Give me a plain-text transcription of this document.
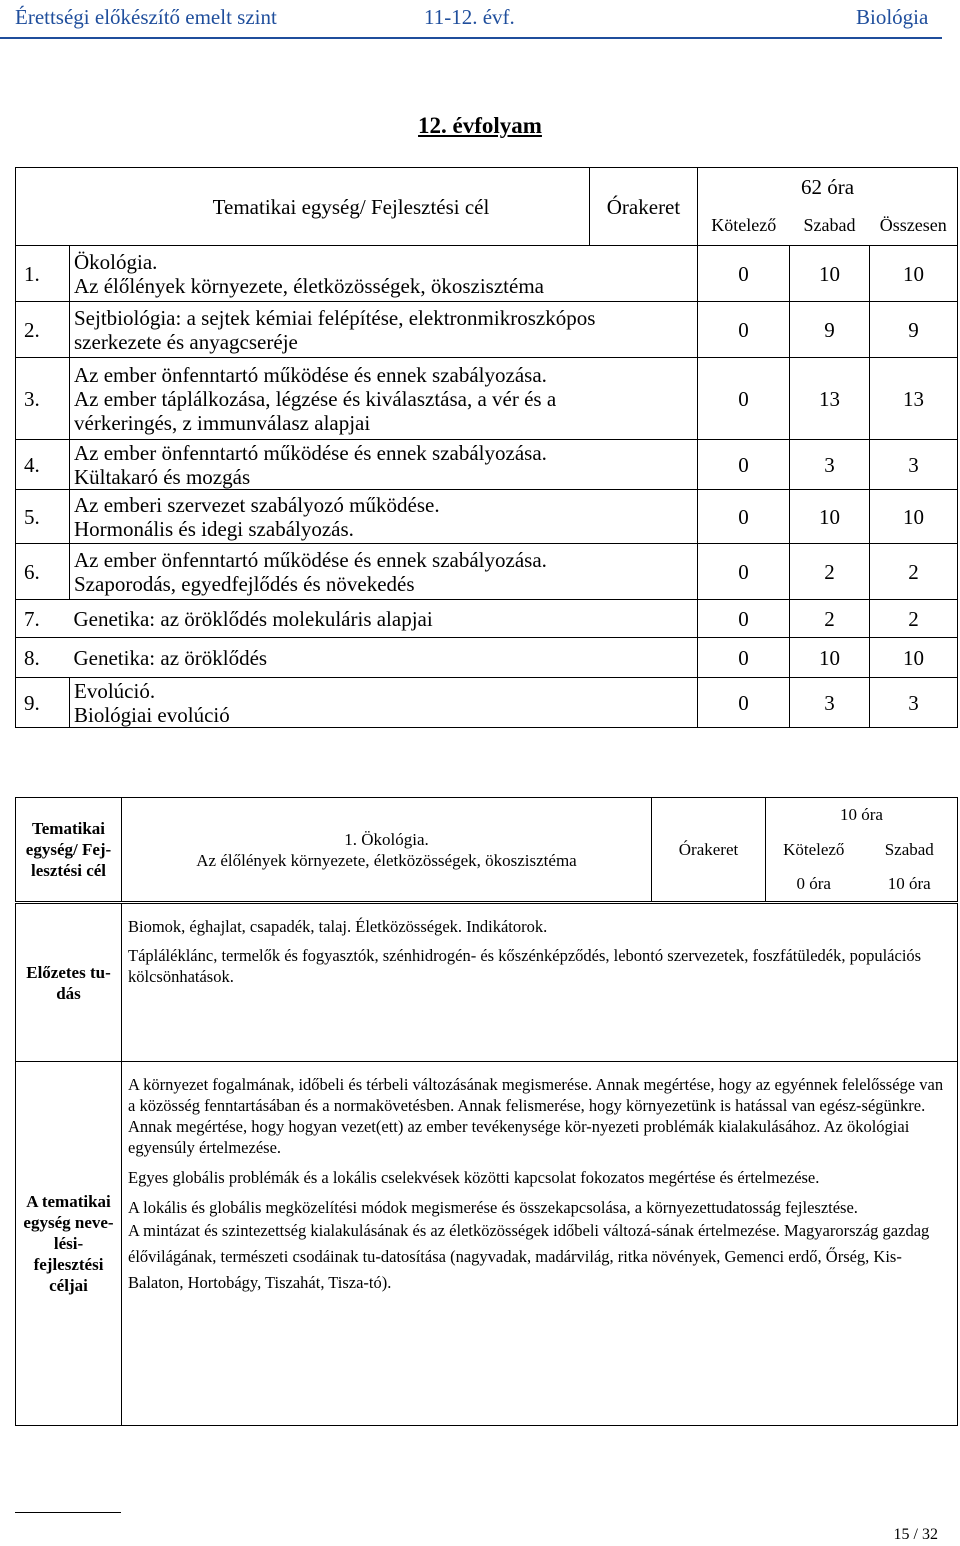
Érettségi előkészítő emelt szint	11-12. évf.	Biológia
12. évfolyam
Tematikai egység/ Fejlesztési cél		Órakeret	62 óra		
			Kötelező	Szabad	Összesen
1.	Ökológia.
Az élőlények környezete, életközösségek, ökoszisztéma		0	10	10
2.	Sejtbiológia: a sejtek kémiai felépítése, elektronmikroszkópos
szerkezete és anyagcseréje		0	9	9
3.	Az ember önfenntartó működése és ennek szabályozása.
Az ember táplálkozása, légzése és kiválasztása, a vér és a
vérkeringés, z immunválasz alapjai		0	13	13
4.	Az ember önfenntartó működése és ennek szabályozása.
Kültakaró és mozgás		0	3	3
5.	Az emberi szervezet szabályozó működése.
Hormonális és idegi szabályozás.		0	10	10
6.	Az ember önfenntartó működése és ennek szabályozása.
Szaporodás, egyedfejlődés és növekedés		0	2	2
7.	Genetika: az öröklődés molekuláris alapjai		0	2	2
8.	Genetika: az öröklődés		0	10	10
9.	Evolúció.
Biológiai evolúció		0	3	3
Tematikai egység/ Fej-lesztési cél	1. Ökológia.
Az élőlények környezete, életközösségek, ökoszisztéma	Órakeret	10 óra	
			Kötelező	Szabad
			0 óra	10 óra
Előzetes tu-dás	

Biomok, éghajlat, csapadék, talaj. Életközösségek. Indikátorok.

Tápláléklánc, termelők és fogyasztók, szénhidrogén- és kőszénképződés, lebontó szervezetek, foszfátüledék, populációs kölcsönhatások.

A tematikai egység neve-lési-fejlesztési céljai	

A környezet fogalmának, időbeli és térbeli változásának megismerése. Annak megértése, hogy az egyénnek felelőssége van a közösség fenntartásában és a normakövetésben. Annak felismerése, hogy környezetünk is hatással van egész-ségünkre. Annak megértése, hogy hogyan vezet(ett) az ember tevékenysége kör-nyezeti problémák kialakulásához. Az ökológiai egyensúly értelmezése.

Egyes globális problémák és a lokális cselekvések közötti kapcsolat fokozatos megértése és értelmezése.

A lokális és globális megközelítési módok megismerése és összekapcsolása, a környezettudatosság fejlesztése.

A mintázat és szintezettség kialakulásának és az életközösségek időbeli változá-sának értelmezése. Magyarország gazdag élővilágának, természeti csodáinak tu-datosítása (nagyvadak, madárvilág, ritka növények, Gemenci erdő, Őrség, Kis-Balaton, Hortobágy, Tiszahát, Tisza-tó).

15 / 32
